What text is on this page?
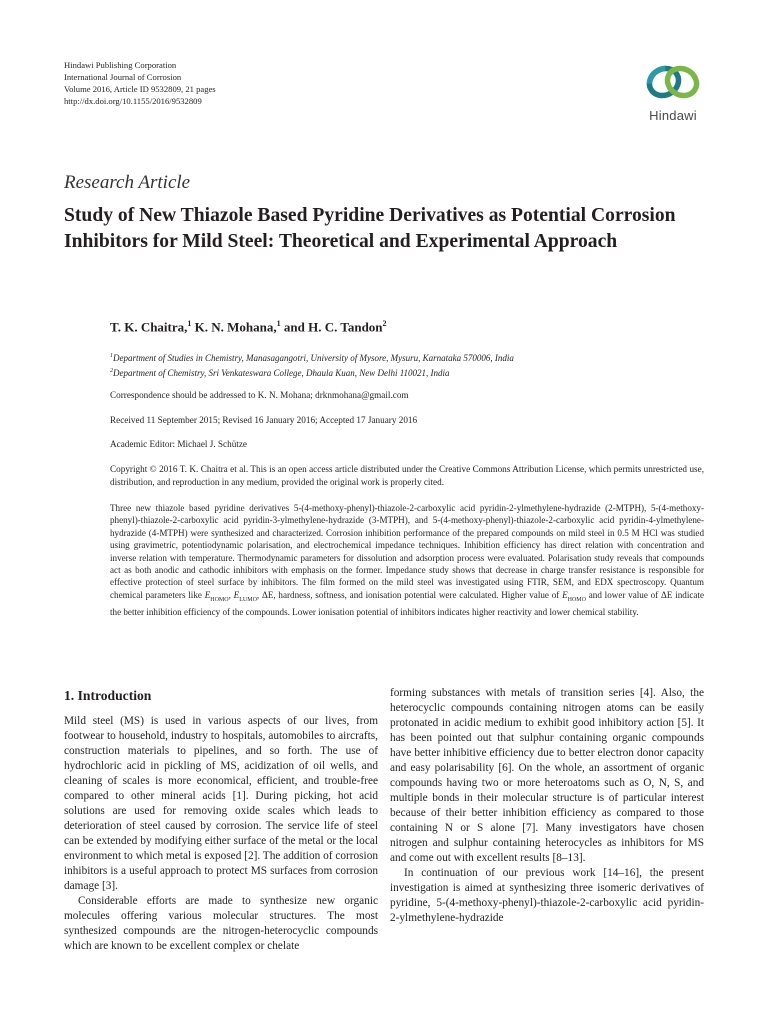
Hindawi Publishing Corporation
International Journal of Corrosion
Volume 2016, Article ID 9532809, 21 pages
http://dx.doi.org/10.1155/2016/9532809
Hindawi
Research Article
Study of New Thiazole Based Pyridine Derivatives as Potential Corrosion Inhibitors for Mild Steel: Theoretical and Experimental Approach
T. K. Chaitra,$^1$ K. N. Mohana,$^1$ and H. C. Tandon$^2$
$^1$Department of Studies in Chemistry, Manasagangotri, University of Mysore, Mysuru, Karnataka 570006, India
$^2$Department of Chemistry, Sri Venkateswara College, Dhaula Kuan, New Delhi 110021, India
Correspondence should be addressed to K. N. Mohana; drknmohana@gmail.com
Received 11 September 2015; Revised 16 January 2016; Accepted 17 January 2016
Academic Editor: Michael J. Schütze
Copyright © 2016 T. K. Chaitra et al. This is an open access article distributed under the Creative Commons Attribution License, which permits unrestricted use, distribution, and reproduction in any medium, provided the original work is properly cited.

Three new thiazole based pyridine derivatives 5-(4-methoxy-phenyl)-thiazole-2-carboxylic acid pyridin-2-ylmethylene-hydrazide (2-MTPH), 5-(4-methoxy-phenyl)-thiazole-2-carboxylic acid pyridin-3-ylmethylene-hydrazide (3-MTPH), and 5-(4-methoxy-phenyl)-thiazole-2-carboxylic acid pyridin-4-ylmethylene-hydrazide (4-MTPH) were synthesized and characterized. Corrosion inhibition performance of the prepared compounds on mild steel in 0.5 M HCl was studied using gravimetric, potentiodynamic polarisation, and electrochemical impedance techniques. Inhibition efficiency has direct relation with concentration and inverse relation with temperature. Thermodynamic parameters for dissolution and adsorption process were evaluated. Polarisation study reveals that compounds act as both anodic and cathodic inhibitors with emphasis on the former. Impedance study shows that decrease in charge transfer resistance is responsible for effective protection of steel surface by inhibitors. The film formed on the mild steel was investigated using FTIR, SEM, and EDX spectroscopy. Quantum chemical parameters like $E_{HOMO}$, $E_{LUMO}$, ΔE, hardness, softness, and ionisation potential were calculated. Higher value of $E_{HOMO}$ and lower value of ΔE indicate the better inhibition efficiency of the compounds. Lower ionisation potential of inhibitors indicates higher reactivity and lower chemical stability.

1. Introduction

Mild steel (MS) is used in various aspects of our lives, from footwear to household, industry to hospitals, automobiles to aircrafts, construction materials to pipelines, and so forth. The use of hydrochloric acid in pickling of MS, acidization of oil wells, and cleaning of scales is more economical, efficient, and trouble-free compared to other mineral acids [1]. During picking, hot acid solutions are used for removing oxide scales which leads to deterioration of steel caused by corrosion. The service life of steel can be extended by modifying either surface of the metal or the local environment to which metal is exposed [2]. The addition of corrosion inhibitors is a useful approach to protect MS surfaces from corrosion damage [3].

Considerable efforts are made to synthesize new organic molecules offering various molecular structures. The most synthesized compounds are the nitrogen-heterocyclic compounds which are known to be excellent complex or chelate

forming substances with metals of transition series [4]. Also, the heterocyclic compounds containing nitrogen atoms can be easily protonated in acidic medium to exhibit good inhibitory action [5]. It has been pointed out that sulphur containing organic compounds have better inhibitive efficiency due to better electron donor capacity and easy polarisability [6]. On the whole, an assortment of organic compounds having two or more heteroatoms such as O, N, S, and multiple bonds in their molecular structure is of particular interest because of their better inhibition efficiency as compared to those containing N or S alone [7]. Many investigators have chosen nitrogen and sulphur containing heterocycles as inhibitors for MS and come out with excellent results [8–13].

In continuation of our previous work [14–16], the present investigation is aimed at synthesizing three isomeric derivatives of pyridine, 5-(4-methoxy-phenyl)-thiazole-2-carboxylic acid pyridin-2-ylmethylene-hydrazide
